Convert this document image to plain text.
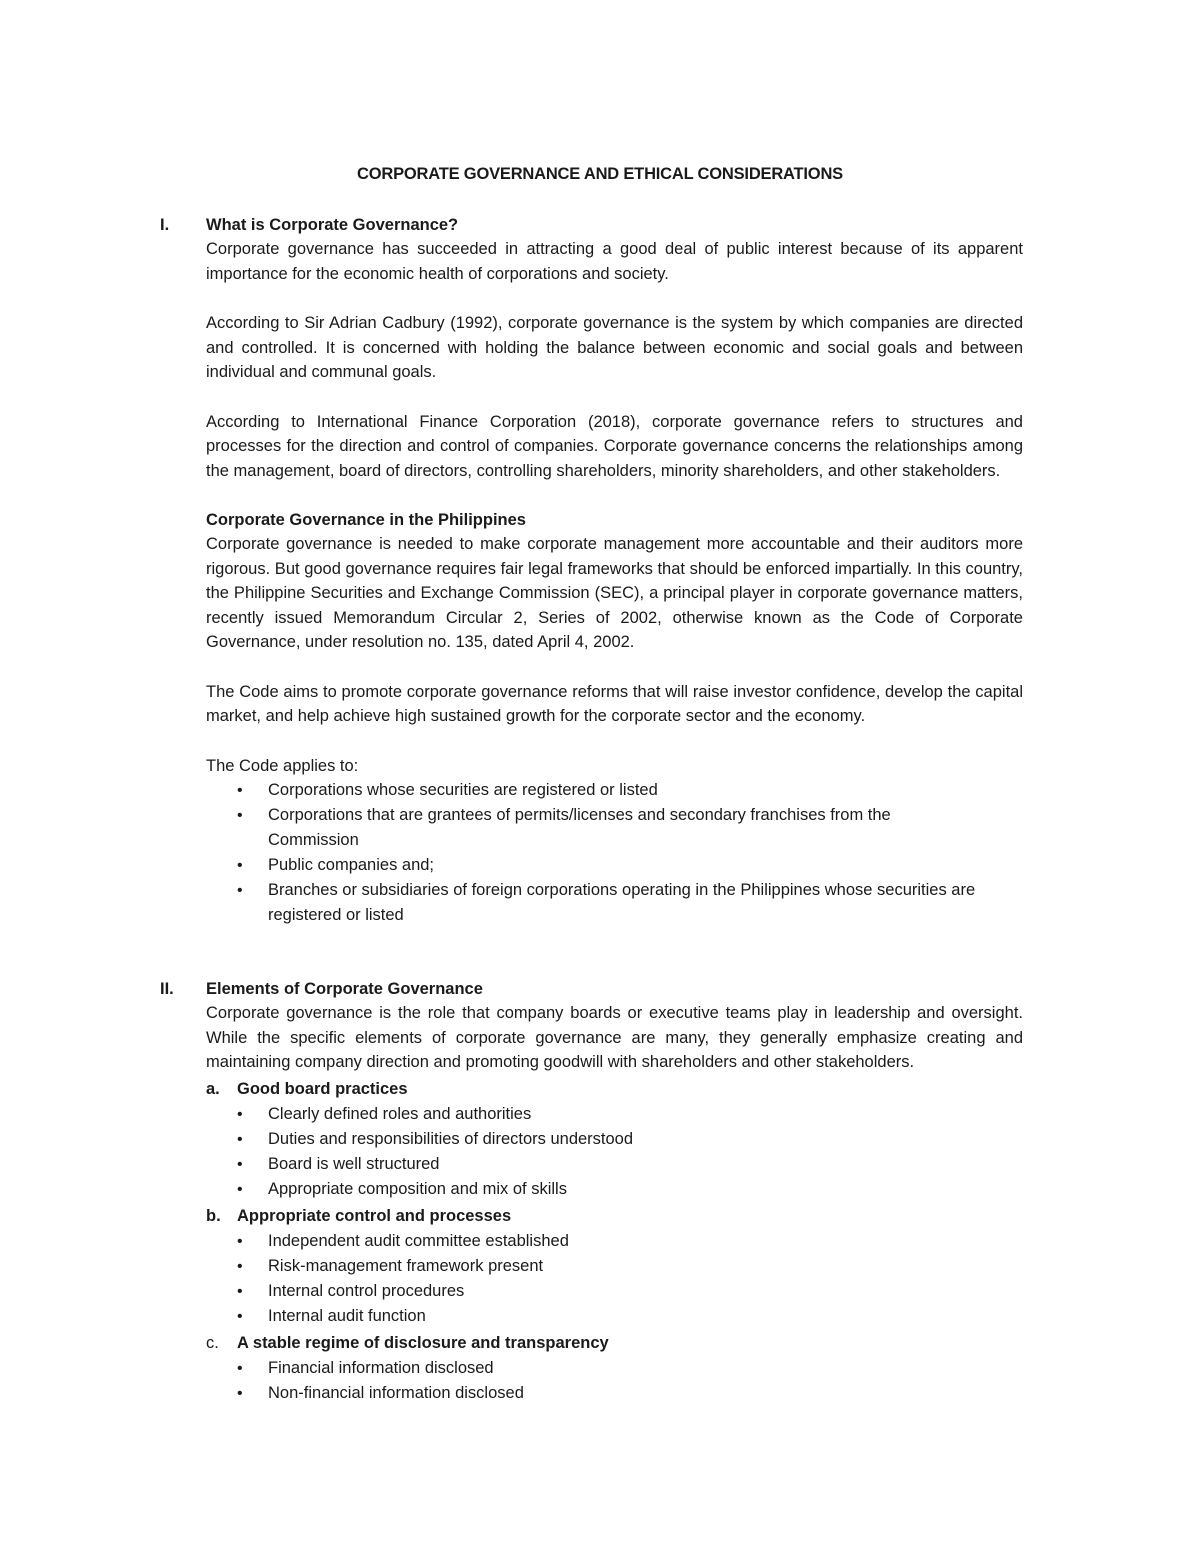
CORPORATE GOVERNANCE AND ETHICAL CONSIDERATIONS
I. What is Corporate Governance?

Corporate governance has succeeded in attracting a good deal of public interest because of its apparent importance for the economic health of corporations and society.

According to Sir Adrian Cadbury (1992), corporate governance is the system by which companies are directed and controlled. It is concerned with holding the balance between economic and social goals and between individual and communal goals.

According to International Finance Corporation (2018), corporate governance refers to structures and processes for the direction and control of companies. Corporate governance concerns the relationships among the management, board of directors, controlling shareholders, minority shareholders, and other stakeholders.

Corporate Governance in the Philippines

Corporate governance is needed to make corporate management more accountable and their auditors more rigorous. But good governance requires fair legal frameworks that should be enforced impartially. In this country, the Philippine Securities and Exchange Commission (SEC), a principal player in corporate governance matters, recently issued Memorandum Circular 2, Series of 2002, otherwise known as the Code of Corporate Governance, under resolution no. 135, dated April 4, 2002.

The Code aims to promote corporate governance reforms that will raise investor confidence, develop the capital market, and help achieve high sustained growth for the corporate sector and the economy.

The Code applies to:

• Corporations whose securities are registered or listed
• Corporations that are grantees of permits/licenses and secondary franchises from the Commission
• Public companies and;
• Branches or subsidiaries of foreign corporations operating in the Philippines whose securities are registered or listed
II. Elements of Corporate Governance

Corporate governance is the role that company boards or executive teams play in leadership and oversight. While the specific elements of corporate governance are many, they generally emphasize creating and maintaining company direction and promoting goodwill with shareholders and other stakeholders.

a. Good board practices
• Clearly defined roles and authorities
• Duties and responsibilities of directors understood
• Board is well structured
• Appropriate composition and mix of skills
b. Appropriate control and processes
• Independent audit committee established
• Risk-management framework present
• Internal control procedures
• Internal audit function
c. A stable regime of disclosure and transparency
• Financial information disclosed
• Non-financial information disclosed
